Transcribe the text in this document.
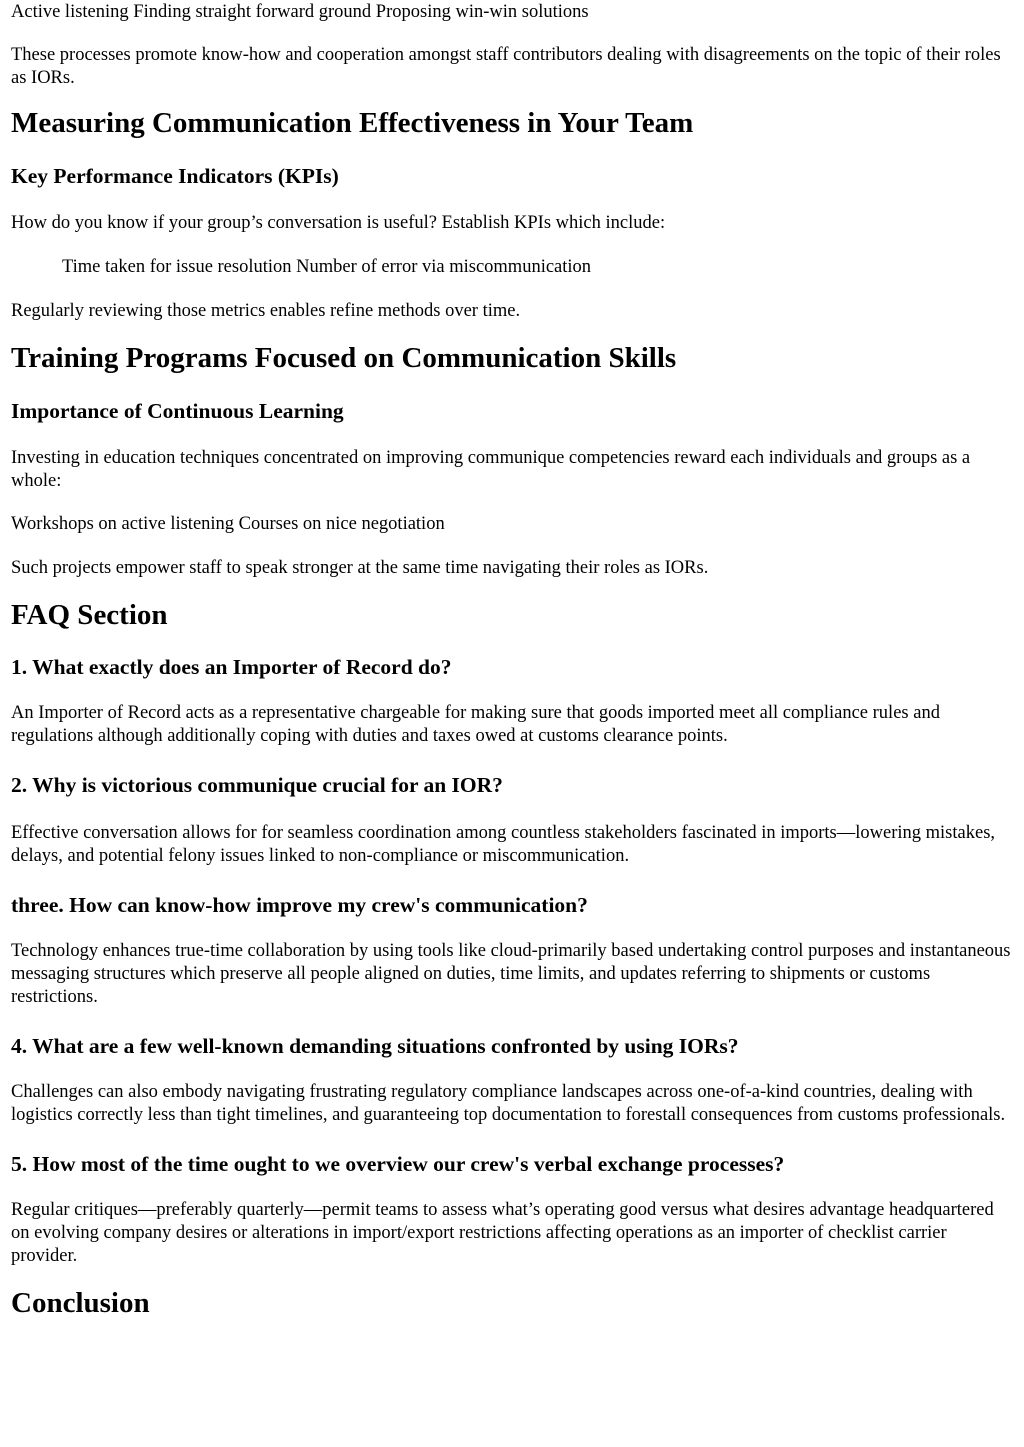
Active listening Finding straight forward ground Proposing win-win solutions

These processes promote know-how and cooperation amongst staff contributors dealing with disagreements on the topic of their roles as IORs.

Measuring Communication Effectiveness in Your Team
Key Performance Indicators (KPIs)

How do you know if your group’s conversation is useful? Establish KPIs which include:

Time taken for issue resolution Number of error via miscommunication

Regularly reviewing those metrics enables refine methods over time.

Training Programs Focused on Communication Skills
Importance of Continuous Learning

Investing in education techniques concentrated on improving communique competencies reward each individuals and groups as a whole:

Workshops on active listening Courses on nice negotiation

Such projects empower staff to speak stronger at the same time navigating their roles as IORs.

FAQ Section
1. What exactly does an Importer of Record do?

An Importer of Record acts as a representative chargeable for making sure that goods imported meet all compliance rules and regulations although additionally coping with duties and taxes owed at customs clearance points.

2. Why is victorious communique crucial for an IOR?

Effective conversation allows for for seamless coordination among countless stakeholders fascinated in imports—lowering mistakes, delays, and potential felony issues linked to non-compliance or miscommunication.

three. How can know-how improve my crew's communication?

Technology enhances true-time collaboration by using tools like cloud-primarily based undertaking control purposes and instantaneous messaging structures which preserve all people aligned on duties, time limits, and updates referring to shipments or customs restrictions.

4. What are a few well-known demanding situations confronted by using IORs?

Challenges can also embody navigating frustrating regulatory compliance landscapes across one-of-a-kind countries, dealing with logistics correctly less than tight timelines, and guaranteeing top documentation to forestall consequences from customs professionals.

5. How most of the time ought to we overview our crew's verbal exchange processes?

Regular critiques—preferably quarterly—permit teams to assess what’s operating good versus what desires advantage headquartered on evolving company desires or alterations in import/export restrictions affecting operations as an importer of checklist carrier provider.

Conclusion
